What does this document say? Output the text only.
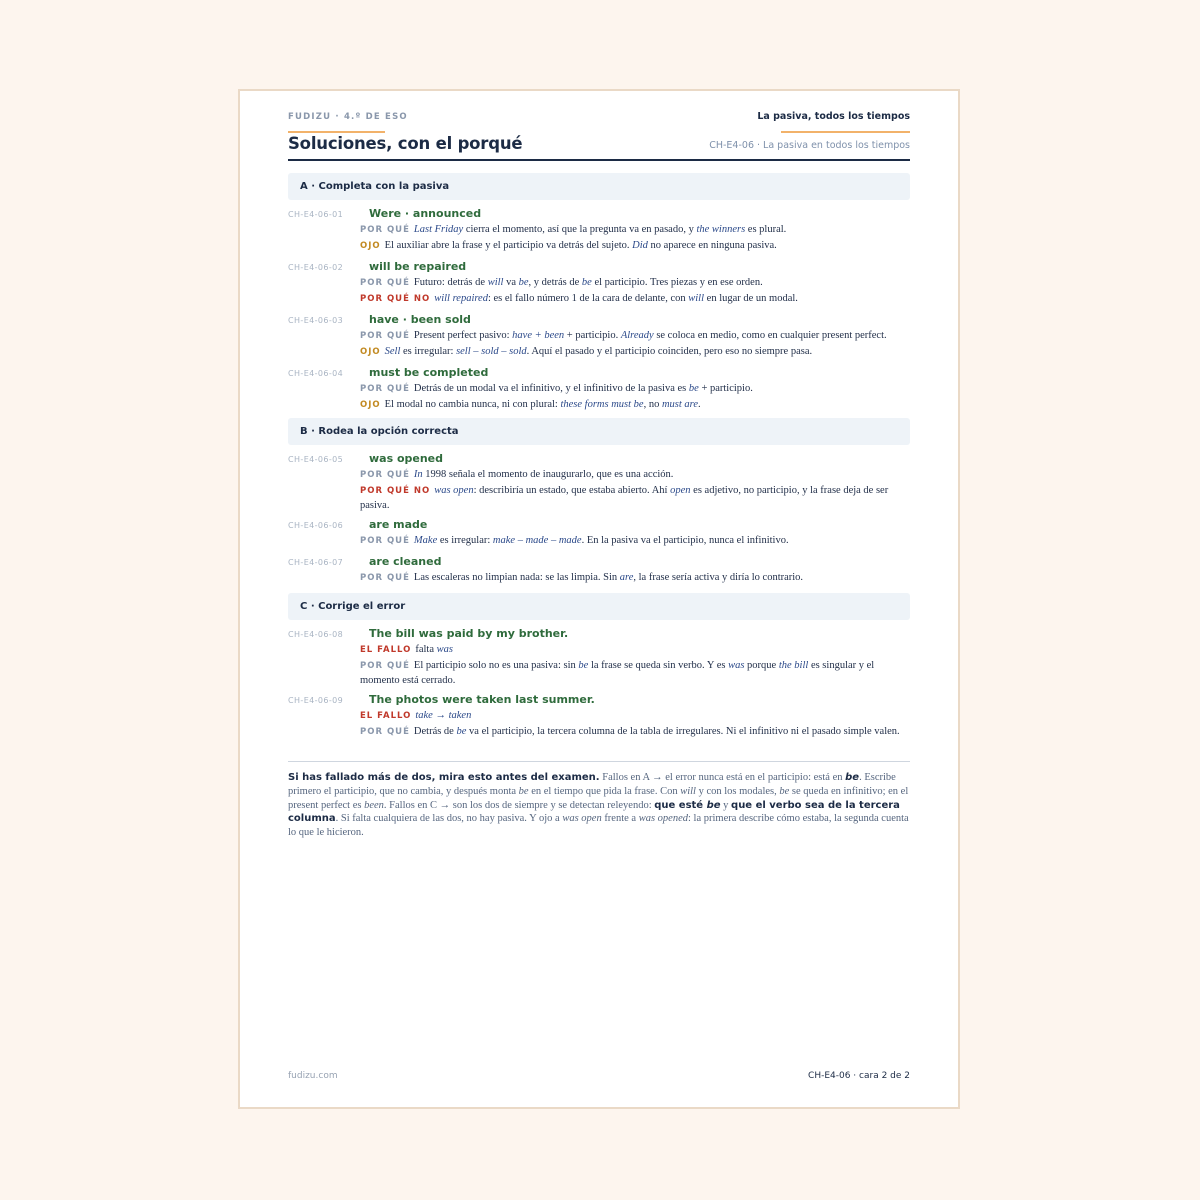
FUDIZU · 4.º DE ESO	La pasiva, todos los tiempos
Soluciones, con el porqué	CH-E4-06 · La pasiva en todos los tiempos
A · Completa con la pasiva
CH-E4-06-01 Were · announced
POR QUÉ Last Friday cierra el momento, así que la pregunta va en pasado, y the winners es plural.
OJO El auxiliar abre la frase y el participio va detrás del sujeto. Did no aparece en ninguna pasiva.
CH-E4-06-02 will be repaired
POR QUÉ Futuro: detrás de will va be, y detrás de be el participio. Tres piezas y en ese orden.
POR QUÉ NO will repaired: es el fallo número 1 de la cara de delante, con will en lugar de un modal.
CH-E4-06-03 have · been sold
POR QUÉ Present perfect pasivo: have + been + participio. Already se coloca en medio, como en cualquier present perfect.
OJO Sell es irregular: sell – sold – sold. Aquí el pasado y el participio coinciden, pero eso no siempre pasa.
CH-E4-06-04 must be completed
POR QUÉ Detrás de un modal va el infinitivo, y el infinitivo de la pasiva es be + participio.
OJO El modal no cambia nunca, ni con plural: these forms must be, no must are.
B · Rodea la opción correcta
CH-E4-06-05 was opened
POR QUÉ In 1998 señala el momento de inaugurarlo, que es una acción.
POR QUÉ NO was open: describiría un estado, que estaba abierto. Ahí open es adjetivo, no participio, y la frase deja de ser pasiva.
CH-E4-06-06 are made
POR QUÉ Make es irregular: make – made – made. En la pasiva va el participio, nunca el infinitivo.
CH-E4-06-07 are cleaned
POR QUÉ Las escaleras no limpian nada: se las limpia. Sin are, la frase sería activa y diría lo contrario.
C · Corrige el error
CH-E4-06-08 The bill was paid by my brother.
EL FALLO falta was
POR QUÉ El participio solo no es una pasiva: sin be la frase se queda sin verbo. Y es was porque the bill es singular y el momento está cerrado.
CH-E4-06-09 The photos were taken last summer.
EL FALLO take → taken
POR QUÉ Detrás de be va el participio, la tercera columna de la tabla de irregulares. Ni el infinitivo ni el pasado simple valen.
Si has fallado más de dos, mira esto antes del examen. Fallos en A → el error nunca está en el participio: está en be. Escribe primero el participio, que no cambia, y después monta be en el tiempo que pida la frase. Con will y con los modales, be se queda en infinitivo; en el present perfect es been. Fallos en C → son los dos de siempre y se detectan releyendo: que esté be y que el verbo sea de la tercera columna. Si falta cualquiera de las dos, no hay pasiva. Y ojo a was open frente a was opened: la primera describe cómo estaba, la segunda cuenta lo que le hicieron.
fudizu.com	CH-E4-06 · cara 2 de 2
